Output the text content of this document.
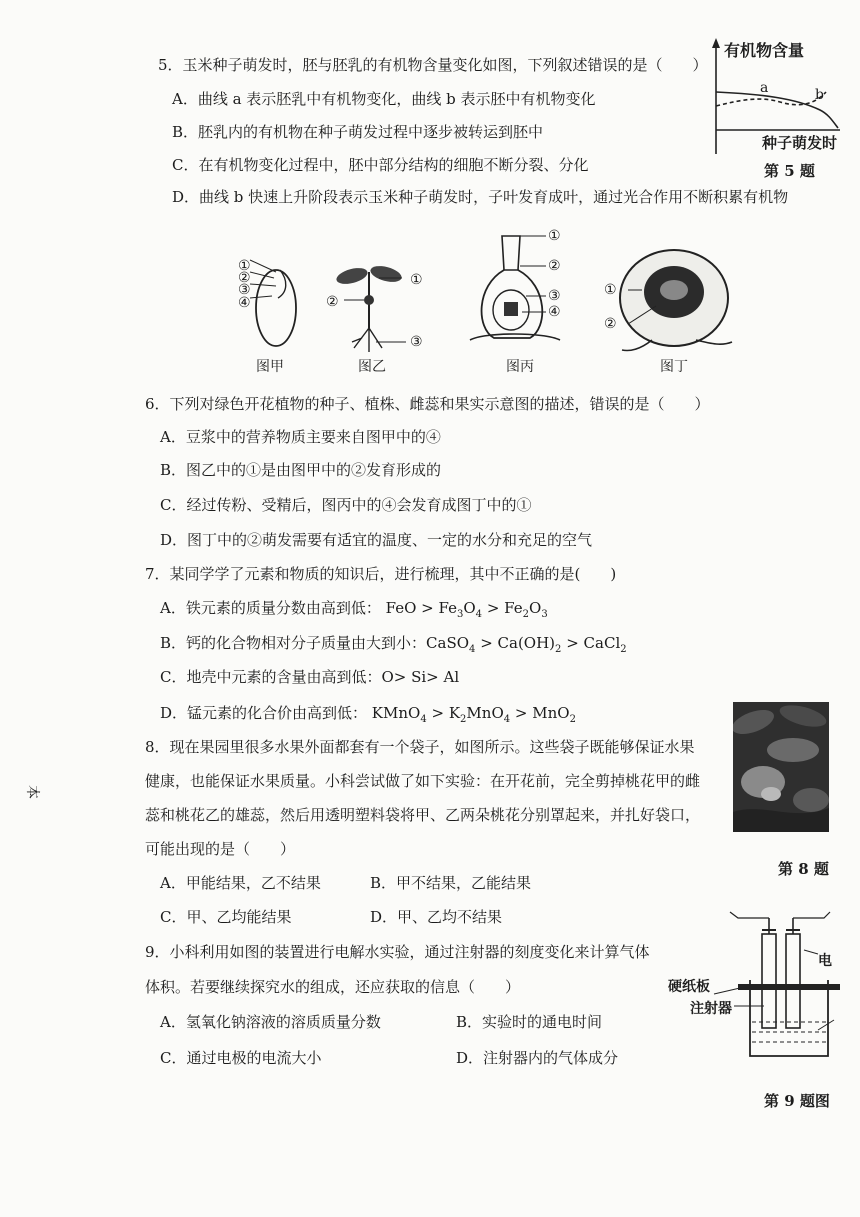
5．玉米种子萌发时，胚与胚乳的有机物含量变化如图，下列叙述错误的是（　　）
A．曲线 a 表示胚乳中有机物变化，曲线 b 表示胚中有机物变化
B．胚乳内的有机物在种子萌发过程中逐步被转运到胚中
C．在有机物变化过程中，胚中部分结构的细胞不断分裂、分化
D．曲线 b 快速上升阶段表示玉米种子萌发时，子叶发育成叶，通过光合作用不断积累有机物
有机物含量
a	b
种子萌发时
第 5 题
①
②
③
④
图甲
①
②
③
图乙
①
②
③
④
图丙
①
②
图丁
6．下列对绿色开花植物的种子、植株、雌蕊和果实示意图的描述，错误的是（　　）
A．豆浆中的营养物质主要来自图甲中的④
B．图乙中的①是由图甲中的②发育形成的
C．经过传粉、受精后，图丙中的④会发育成图丁中的①
D．图丁中的②萌发需要有适宜的温度、一定的水分和充足的空气
7．某同学学了元素和物质的知识后，进行梳理，其中不正确的是(　　)
A．铁元素的质量分数由高到低： FeO > $Fe_3O_4 > Fe_2O_3$
B．钙的化合物相对分子质量由大到小：CaSO$_4$ > $Ca(OH)_2$ > CaCl$_2$
C．地壳中元素的含量由高到低：O> Si> Al
D．锰元素的化合价由高到低： KMnO$_4$ > $K_2MnO_4 > MnO_2$
8．现在果园里很多水果外面都套有一个袋子，如图所示。这些袋子既能够保证水果
健康，也能保证水果质量。小科尝试做了如下实验：在开花前，完全剪掉桃花甲的雌
蕊和桃花乙的雄蕊，然后用透明塑料袋将甲、乙两朵桃花分别罩起来，并扎好袋口，
可能出现的是（　　）
A．甲能结果，乙不结果	B．甲不结果，乙能结果
C．甲、乙均能结果	D．甲、乙均不结果
第 8 题
9．小科利用如图的装置进行电解水实验，通过注射器的刻度变化来计算气体
体积。若要继续探究水的组成，还应获取的信息（　　）
A．氢氧化钠溶液的溶质质量分数	B．实验时的通电时间
C．通过电极的电流大小	D．注射器内的气体成分
硬纸板
注射器
电
第 9 题图
本
